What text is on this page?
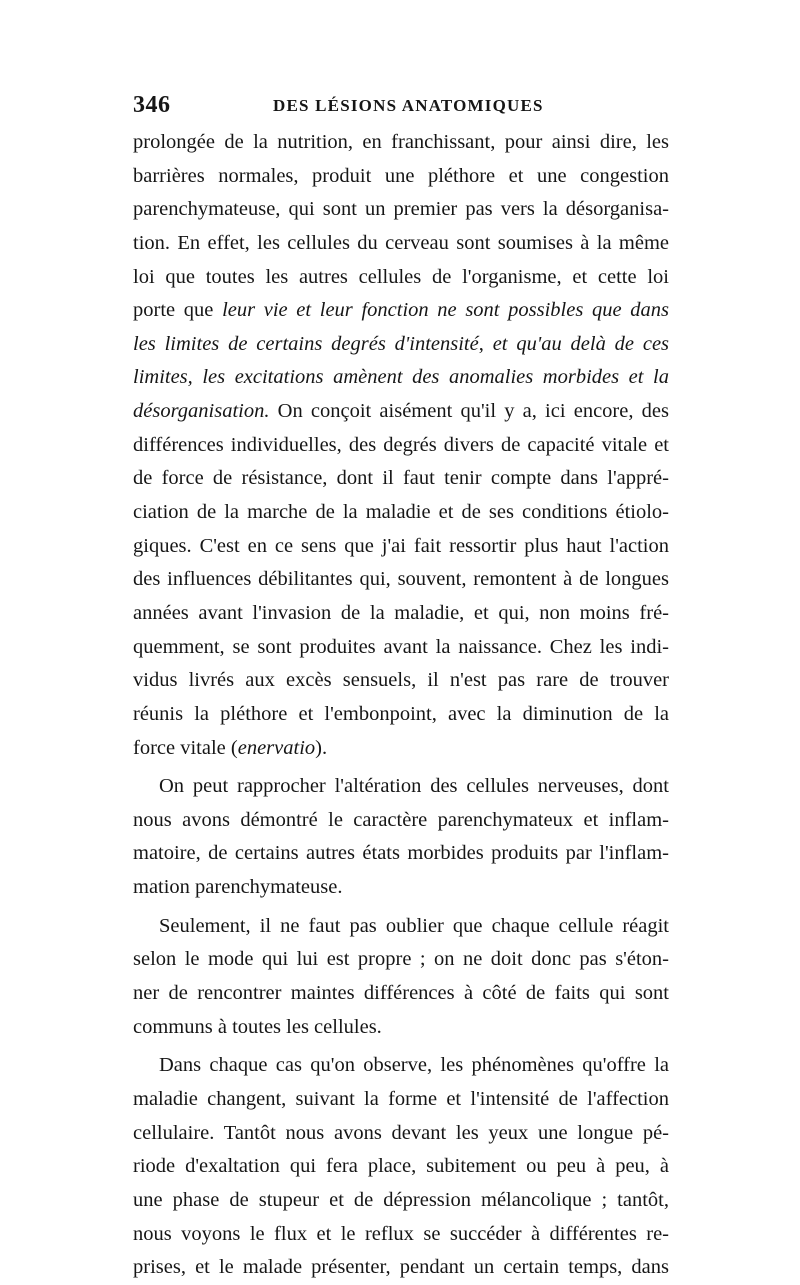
346	DES LÉSIONS ANATOMIQUES
prolongée de la nutrition, en franchissant, pour ainsi dire, les
barrières normales, produit une pléthore et une congestion
parenchymateuse, qui sont un premier pas vers la désorganisa-
tion. En effet, les cellules du cerveau sont soumises à la même
loi que toutes les autres cellules de l'organisme, et cette loi
porte que leur vie et leur fonction ne sont possibles que dans
les limites de certains degrés d'intensité, et qu'au delà de ces
limites, les excitations amènent des anomalies morbides et la
désorganisation. On conçoit aisément qu'il y a, ici encore, des
différences individuelles, des degrés divers de capacité vitale et
de force de résistance, dont il faut tenir compte dans l'appré-
ciation de la marche de la maladie et de ses conditions étiolo-
giques. C'est en ce sens que j'ai fait ressortir plus haut l'action
des influences débilitantes qui, souvent, remontent à de longues
années avant l'invasion de la maladie, et qui, non moins fré-
quemment, se sont produites avant la naissance. Chez les indi-
vidus livrés aux excès sensuels, il n'est pas rare de trouver
réunis la pléthore et l'embonpoint, avec la diminution de la
force vitale (enervatio).
On peut rapprocher l'altération des cellules nerveuses, dont
nous avons démontré le caractère parenchymateux et inflam-
matoire, de certains autres états morbides produits par l'inflam-
mation parenchymateuse.
Seulement, il ne faut pas oublier que chaque cellule réagit
selon le mode qui lui est propre ; on ne doit donc pas s'éton-
ner de rencontrer maintes différences à côté de faits qui sont
communs à toutes les cellules.
Dans chaque cas qu'on observe, les phénomènes qu'offre la
maladie changent, suivant la forme et l'intensité de l'affection
cellulaire. Tantôt nous avons devant les yeux une longue pé-
riode d'exaltation qui fera place, subitement ou peu à peu, à
une phase de stupeur et de dépression mélancolique ; tantôt,
nous voyons le flux et le reflux se succéder à différentes re-
prises, et le malade présenter, pendant un certain temps, dans
